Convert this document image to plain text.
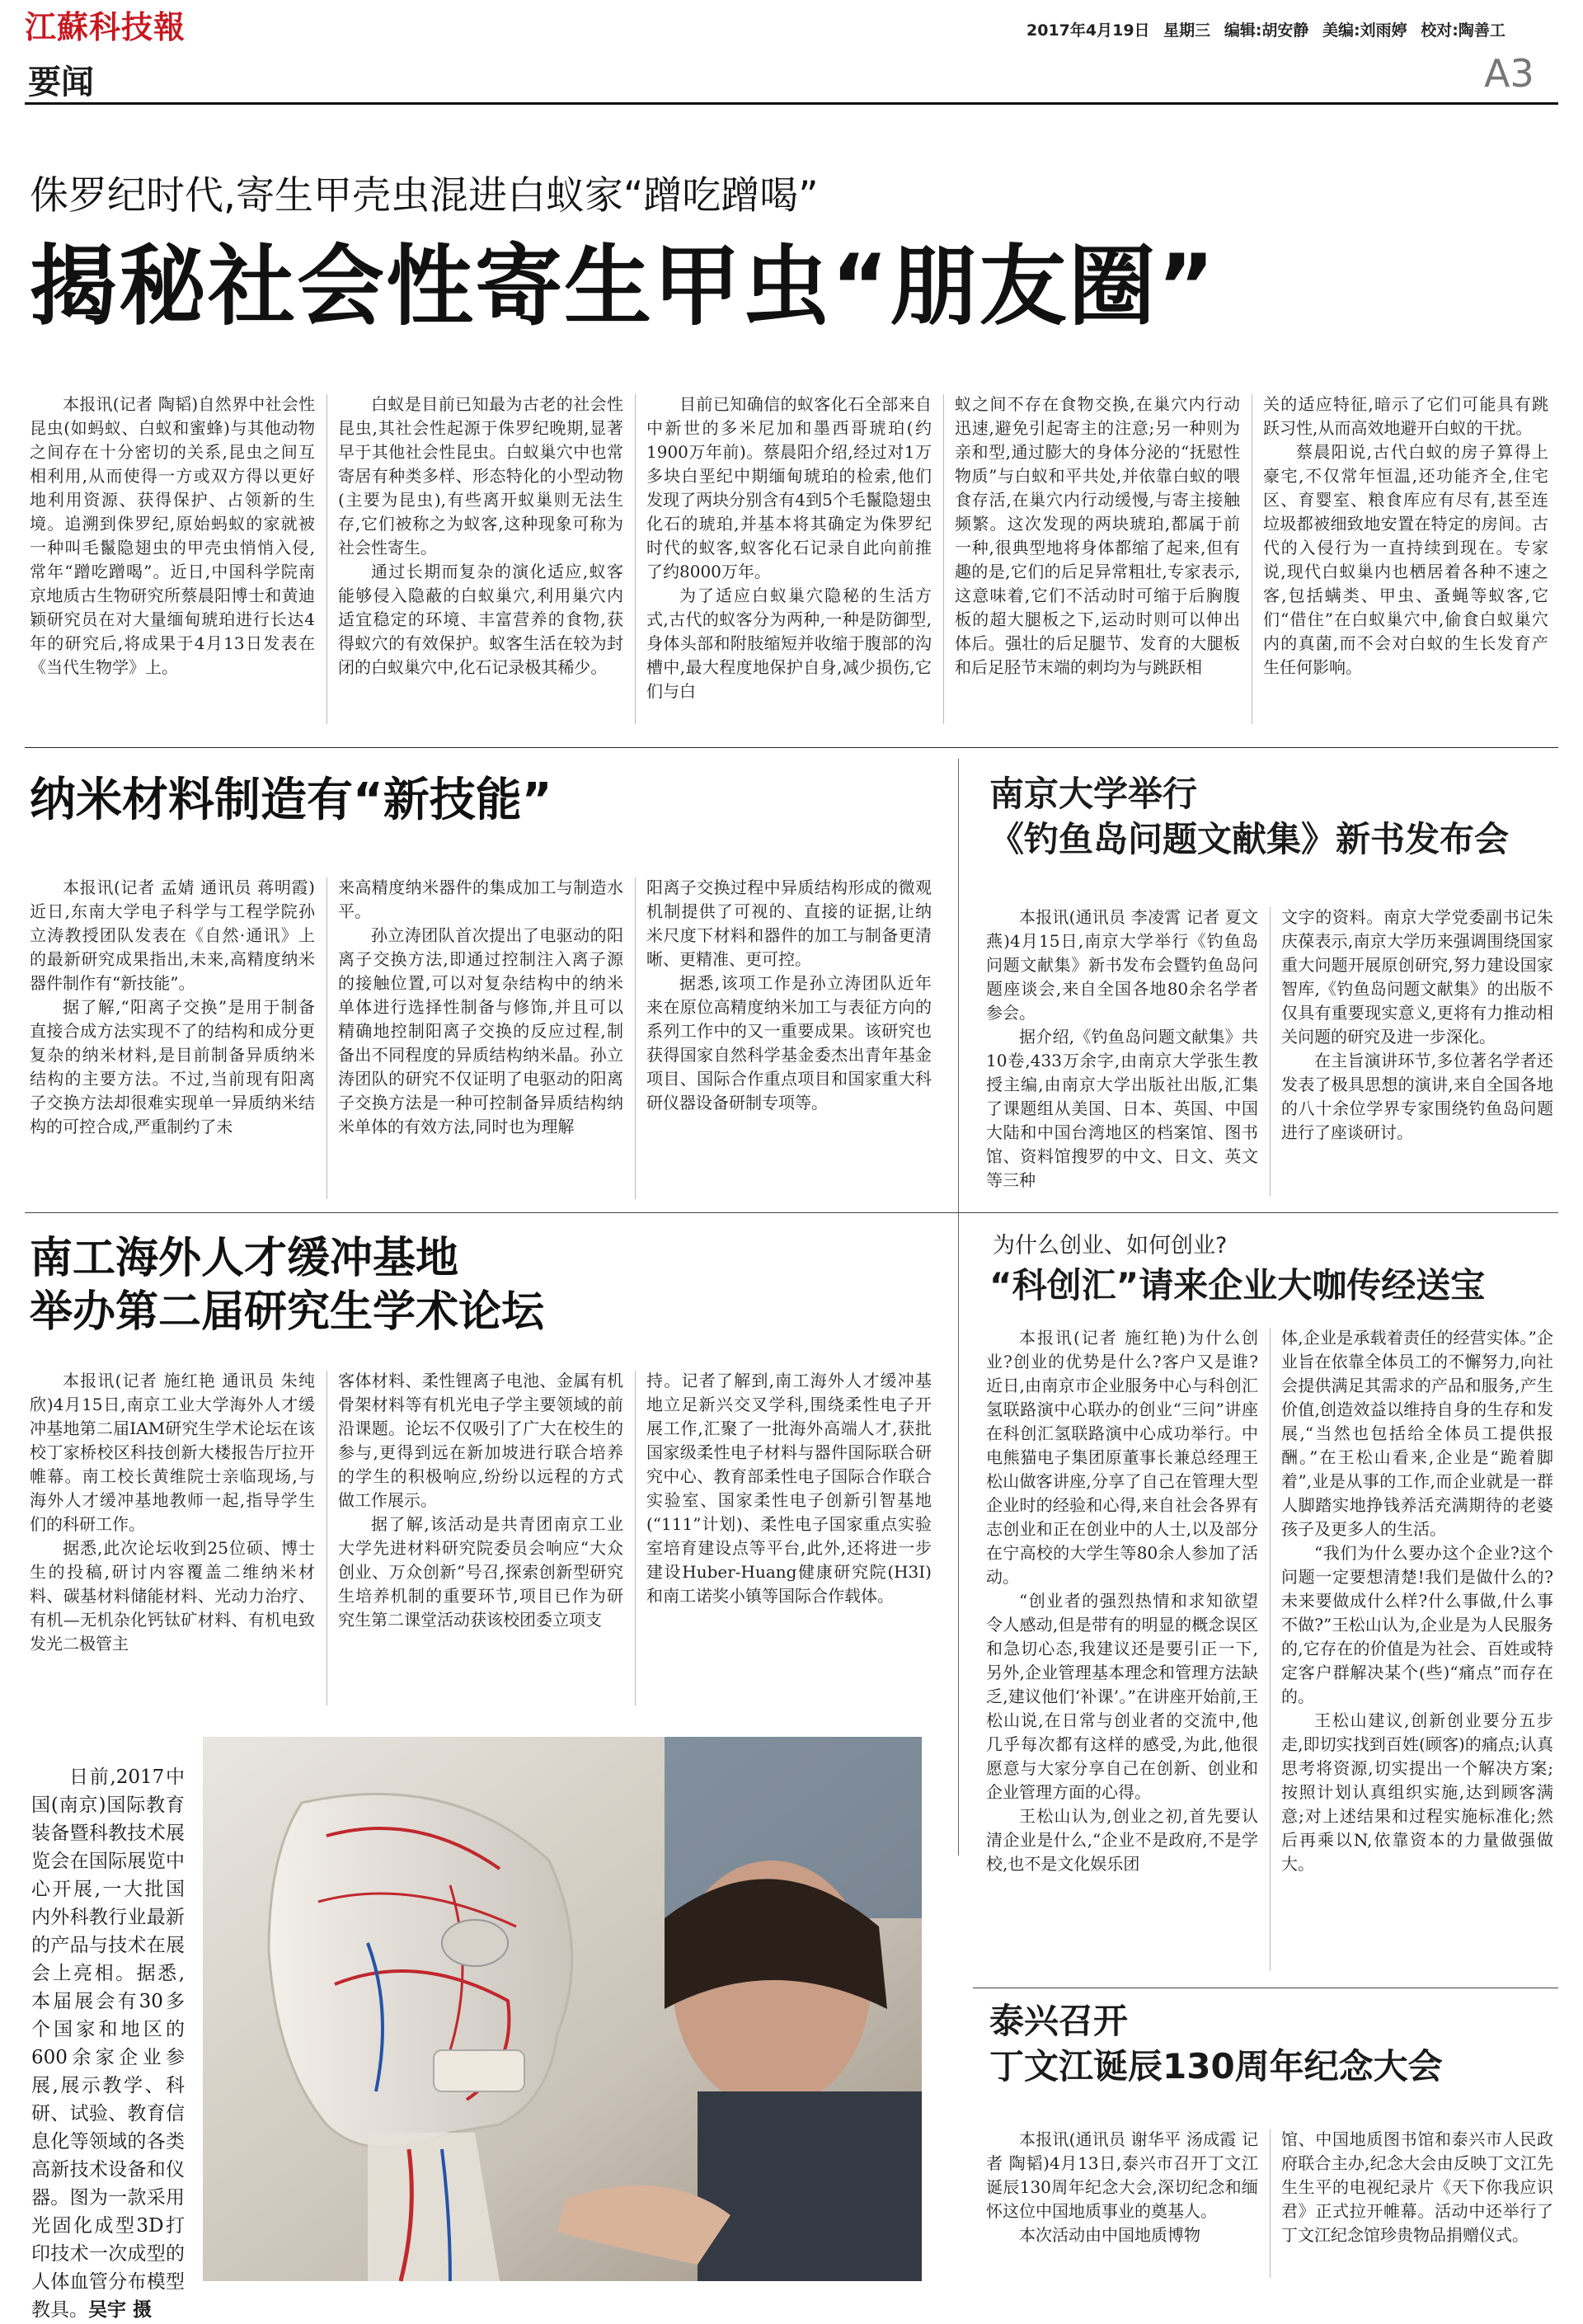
江蘇科技報	2017年4月19日 星期三 编辑:胡安静 美编:刘雨婷 校对:陶善工
要闻	A3
侏罗纪时代,寄生甲壳虫混进白蚁家“蹭吃蹭喝”
揭秘社会性寄生甲虫“朋友圈”

本报讯(记者 陶韬)自然界中社会性昆虫(如蚂蚁、白蚁和蜜蜂)与其他动物之间存在十分密切的关系,昆虫之间互相利用,从而使得一方或双方得以更好地利用资源、获得保护、占领新的生境。追溯到侏罗纪,原始蚂蚁的家就被一种叫毛鬣隐翅虫的甲壳虫悄悄入侵,常年“蹭吃蹭喝”。近日,中国科学院南京地质古生物研究所蔡晨阳博士和黄迪颖研究员在对大量缅甸琥珀进行长达4年的研究后,将成果于4月13日发表在《当代生物学》上。

白蚁是目前已知最为古老的社会性昆虫,其社会性起源于侏罗纪晚期,显著早于其他社会性昆虫。白蚁巢穴中也常寄居有种类多样、形态特化的小型动物(主要为昆虫),有些离开蚁巢则无法生存,它们被称之为蚁客,这种现象可称为社会性寄生。

通过长期而复杂的演化适应,蚁客能够侵入隐蔽的白蚁巢穴,利用巢穴内适宜稳定的环境、丰富营养的食物,获得蚁穴的有效保护。蚁客生活在较为封闭的白蚁巢穴中,化石记录极其稀少。

目前已知确信的蚁客化石全部来自中新世的多米尼加和墨西哥琥珀(约1900万年前)。蔡晨阳介绍,经过对1万多块白垩纪中期缅甸琥珀的检索,他们发现了两块分别含有4到5个毛鬣隐翅虫化石的琥珀,并基本将其确定为侏罗纪时代的蚁客,蚁客化石记录自此向前推了约8000万年。

为了适应白蚁巢穴隐秘的生活方式,古代的蚁客分为两种,一种是防御型,身体头部和附肢缩短并收缩于腹部的沟槽中,最大程度地保护自身,减少损伤,它们与白

蚁之间不存在食物交换,在巢穴内行动迅速,避免引起寄主的注意;另一种则为亲和型,通过膨大的身体分泌的“抚慰性物质”与白蚁和平共处,并依靠白蚁的喂食存活,在巢穴内行动缓慢,与寄主接触频繁。这次发现的两块琥珀,都属于前一种,很典型地将身体都缩了起来,但有趣的是,它们的后足异常粗壮,专家表示,这意味着,它们不活动时可缩于后胸腹板的超大腿板之下,运动时则可以伸出体后。强壮的后足腿节、发育的大腿板和后足胫节末端的刺均为与跳跃相

关的适应特征,暗示了它们可能具有跳跃习性,从而高效地避开白蚁的干扰。

蔡晨阳说,古代白蚁的房子算得上豪宅,不仅常年恒温,还功能齐全,住宅区、育婴室、粮食库应有尽有,甚至连垃圾都被细致地安置在特定的房间。古代的入侵行为一直持续到现在。专家说,现代白蚁巢内也栖居着各种不速之客,包括螨类、甲虫、蚤蝇等蚁客,它们“借住”在白蚁巢穴中,偷食白蚁巢穴内的真菌,而不会对白蚁的生长发育产生任何影响。

纳米材料制造有“新技能”

本报讯(记者 孟婧 通讯员 蒋明霞)近日,东南大学电子科学与工程学院孙立涛教授团队发表在《自然·通讯》上的最新研究成果指出,未来,高精度纳米器件制作有“新技能”。

据了解,“阳离子交换”是用于制备直接合成方法实现不了的结构和成分更复杂的纳米材料,是目前制备异质纳米结构的主要方法。不过,当前现有阳离子交换方法却很难实现单一异质纳米结构的可控合成,严重制约了未

来高精度纳米器件的集成加工与制造水平。

孙立涛团队首次提出了电驱动的阳离子交换方法,即通过控制注入离子源的接触位置,可以对复杂结构中的纳米单体进行选择性制备与修饰,并且可以精确地控制阳离子交换的反应过程,制备出不同程度的异质结构纳米晶。孙立涛团队的研究不仅证明了电驱动的阳离子交换方法是一种可控制备异质结构纳米单体的有效方法,同时也为理解

阳离子交换过程中异质结构形成的微观机制提供了可视的、直接的证据,让纳米尺度下材料和器件的加工与制备更清晰、更精准、更可控。

据悉,该项工作是孙立涛团队近年来在原位高精度纳米加工与表征方向的系列工作中的又一重要成果。该研究也获得国家自然科学基金委杰出青年基金项目、国际合作重点项目和国家重大科研仪器设备研制专项等。

南京大学举行
《钓鱼岛问题文献集》新书发布会

本报讯(通讯员 李凌霄 记者 夏文燕)4月15日,南京大学举行《钓鱼岛问题文献集》新书发布会暨钓鱼岛问题座谈会,来自全国各地80余名学者参会。

据介绍,《钓鱼岛问题文献集》共10卷,433万余字,由南京大学张生教授主编,由南京大学出版社出版,汇集了课题组从美国、日本、英国、中国大陆和中国台湾地区的档案馆、图书馆、资料馆搜罗的中文、日文、英文等三种

文字的资料。南京大学党委副书记朱庆葆表示,南京大学历来强调围绕国家重大问题开展原创研究,努力建设国家智库,《钓鱼岛问题文献集》的出版不仅具有重要现实意义,更将有力推动相关问题的研究及进一步深化。

在主旨演讲环节,多位著名学者还发表了极具思想的演讲,来自全国各地的八十余位学界专家围绕钓鱼岛问题进行了座谈研讨。

南工海外人才缓冲基地
举办第二届研究生学术论坛

本报讯(记者 施红艳 通讯员 朱纯欣)4月15日,南京工业大学海外人才缓冲基地第二届IAM研究生学术论坛在该校丁家桥校区科技创新大楼报告厅拉开帷幕。南工校长黄维院士亲临现场,与海外人才缓冲基地教师一起,指导学生们的科研工作。

据悉,此次论坛收到25位硕、博士生的投稿,研讨内容覆盖二维纳米材料、碳基材料储能材料、光动力治疗、有机—无机杂化钙钛矿材料、有机电致发光二极管主

客体材料、柔性锂离子电池、金属有机骨架材料等有机光电子学主要领域的前沿课题。论坛不仅吸引了广大在校生的参与,更得到远在新加坡进行联合培养的学生的积极响应,纷纷以远程的方式做工作展示。

据了解,该活动是共青团南京工业大学先进材料研究院委员会响应“大众创业、万众创新”号召,探索创新型研究生培养机制的重要环节,项目已作为研究生第二课堂活动获该校团委立项支

持。记者了解到,南工海外人才缓冲基地立足新兴交叉学科,围绕柔性电子开展工作,汇聚了一批海外高端人才,获批国家级柔性电子材料与器件国际联合研究中心、教育部柔性电子国际合作联合实验室、国家柔性电子创新引智基地(“111”计划)、柔性电子国家重点实验室培育建设点等平台,此外,还将进一步建设Huber-Huang健康研究院(H3I)和南工诺奖小镇等国际合作载体。

为什么创业、如何创业?
“科创汇”请来企业大咖传经送宝

本报讯(记者 施红艳)为什么创业?创业的优势是什么?客户又是谁?近日,由南京市企业服务中心与科创汇氢联路演中心联办的创业“三问”讲座在科创汇氢联路演中心成功举行。中电熊猫电子集团原董事长兼总经理王松山做客讲座,分享了自己在管理大型企业时的经验和心得,来自社会各界有志创业和正在创业中的人士,以及部分在宁高校的大学生等80余人参加了活动。

“创业者的强烈热情和求知欲望令人感动,但是带有的明显的概念误区和急切心态,我建议还是要引正一下,另外,企业管理基本理念和管理方法缺乏,建议他们‘补课’。”在讲座开始前,王松山说,在日常与创业者的交流中,他几乎每次都有这样的感受,为此,他很愿意与大家分享自己在创新、创业和企业管理方面的心得。

王松山认为,创业之初,首先要认清企业是什么,“企业不是政府,不是学校,也不是文化娱乐团

体,企业是承载着责任的经营实体。”企业旨在依靠全体员工的不懈努力,向社会提供满足其需求的产品和服务,产生价值,创造效益以维持自身的生存和发展,“当然也包括给全体员工提供报酬。”在王松山看来,企业是“跪着脚着”,业是从事的工作,而企业就是一群人脚踏实地挣钱养活充满期待的老婆孩子及更多人的生活。

“我们为什么要办这个企业?这个问题一定要想清楚!我们是做什么的?未来要做成什么样?什么事做,什么事不做?”王松山认为,企业是为人民服务的,它存在的价值是为社会、百姓或特定客户群解决某个(些)“痛点”而存在的。

王松山建议,创新创业要分五步走,即切实找到百姓(顾客)的痛点;认真思考将资源,切实提出一个解决方案;按照计划认真组织实施,达到顾客满意;对上述结果和过程实施标准化;然后再乘以N,依靠资本的力量做强做大。

泰兴召开
丁文江诞辰130周年纪念大会

本报讯(通讯员 谢华平 汤成霞 记者 陶韬)4月13日,泰兴市召开丁文江诞辰130周年纪念大会,深切纪念和缅怀这位中国地质事业的奠基人。

本次活动由中国地质博物

馆、中国地质图书馆和泰兴市人民政府联合主办,纪念大会由反映丁文江先生生平的电视纪录片《天下你我应识君》正式拉开帷幕。活动中还举行了丁文江纪念馆珍贵物品捐赠仪式。

日前,2017中国(南京)国际教育装备暨科教技术展览会在国际展览中心开展,一大批国内外科教行业最新的产品与技术在展会上亮相。据悉,本届展会有30多个国家和地区的600余家企业参展,展示教学、科研、试验、教育信息化等领域的各类高新技术设备和仪器。图为一款采用光固化成型3D打印技术一次成型的人体血管分布模型教具。吴宇 摄
